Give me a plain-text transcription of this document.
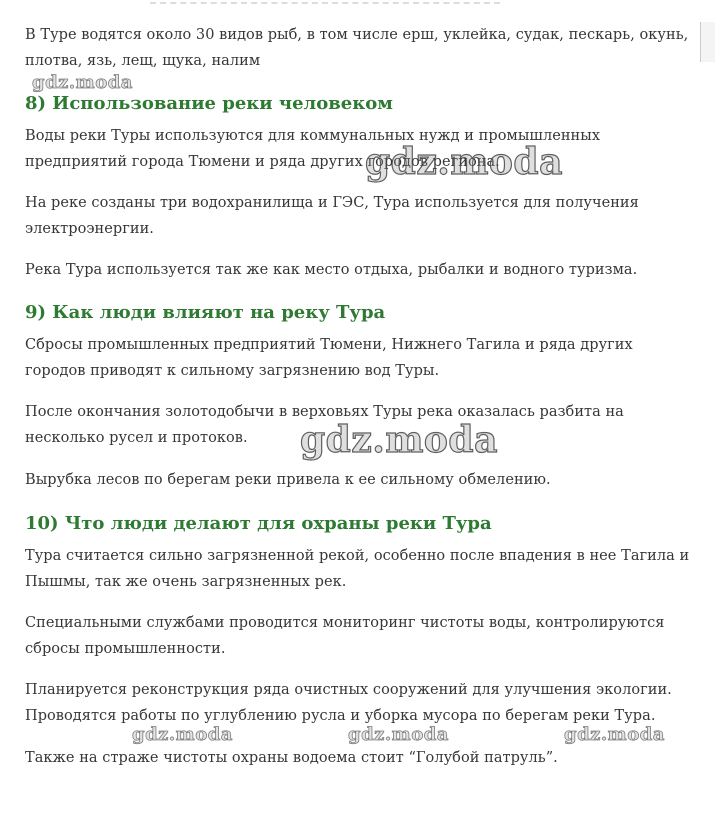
В Туре водятся около 30 видов рыб, в том числе ерш, уклейка, судак, пескарь, окунь, плотва, язь, лещ, щука, налим

gdz.moda
8) Использование реки человеком

Воды реки Туры используются для коммунальных нужд и промышленных предприятий города Тюмени и ряда других городов региона.

gdz.moda

На реке созданы три водохранилища и ГЭС, Тура используется для получения электроэнергии.

Река Тура используется так же как место отдыха, рыбалки и водного туризма.

9) Как люди влияют на реку Тура

Сбросы промышленных предприятий Тюмени, Нижнего Тагила и ряда других городов приводят к сильному загрязнению вод Туры.

После окончания золотодобычи в верховьях Туры река оказалась разбита на несколько русел и протоков.	gdz.moda

Вырубка лесов по берегам реки привела к ее сильному обмелению.

10) Что люди делают для охраны реки Тура

Тура считается сильно загрязненной рекой, особенно после впадения в нее Тагила и Пышмы, так же очень загрязненных рек.

Специальными службами проводится мониторинг чистоты воды, контролируются сбросы промышленности.

Планируется реконструкция ряда очистных сооружений для улучшения экологии. Проводятся работы по углублению русла и уборка мусора по берегам реки Тура.

gdz.moda	gdz.moda	gdz.moda

Также на страже чистоты охраны водоема стоит “Голубой патруль”.
